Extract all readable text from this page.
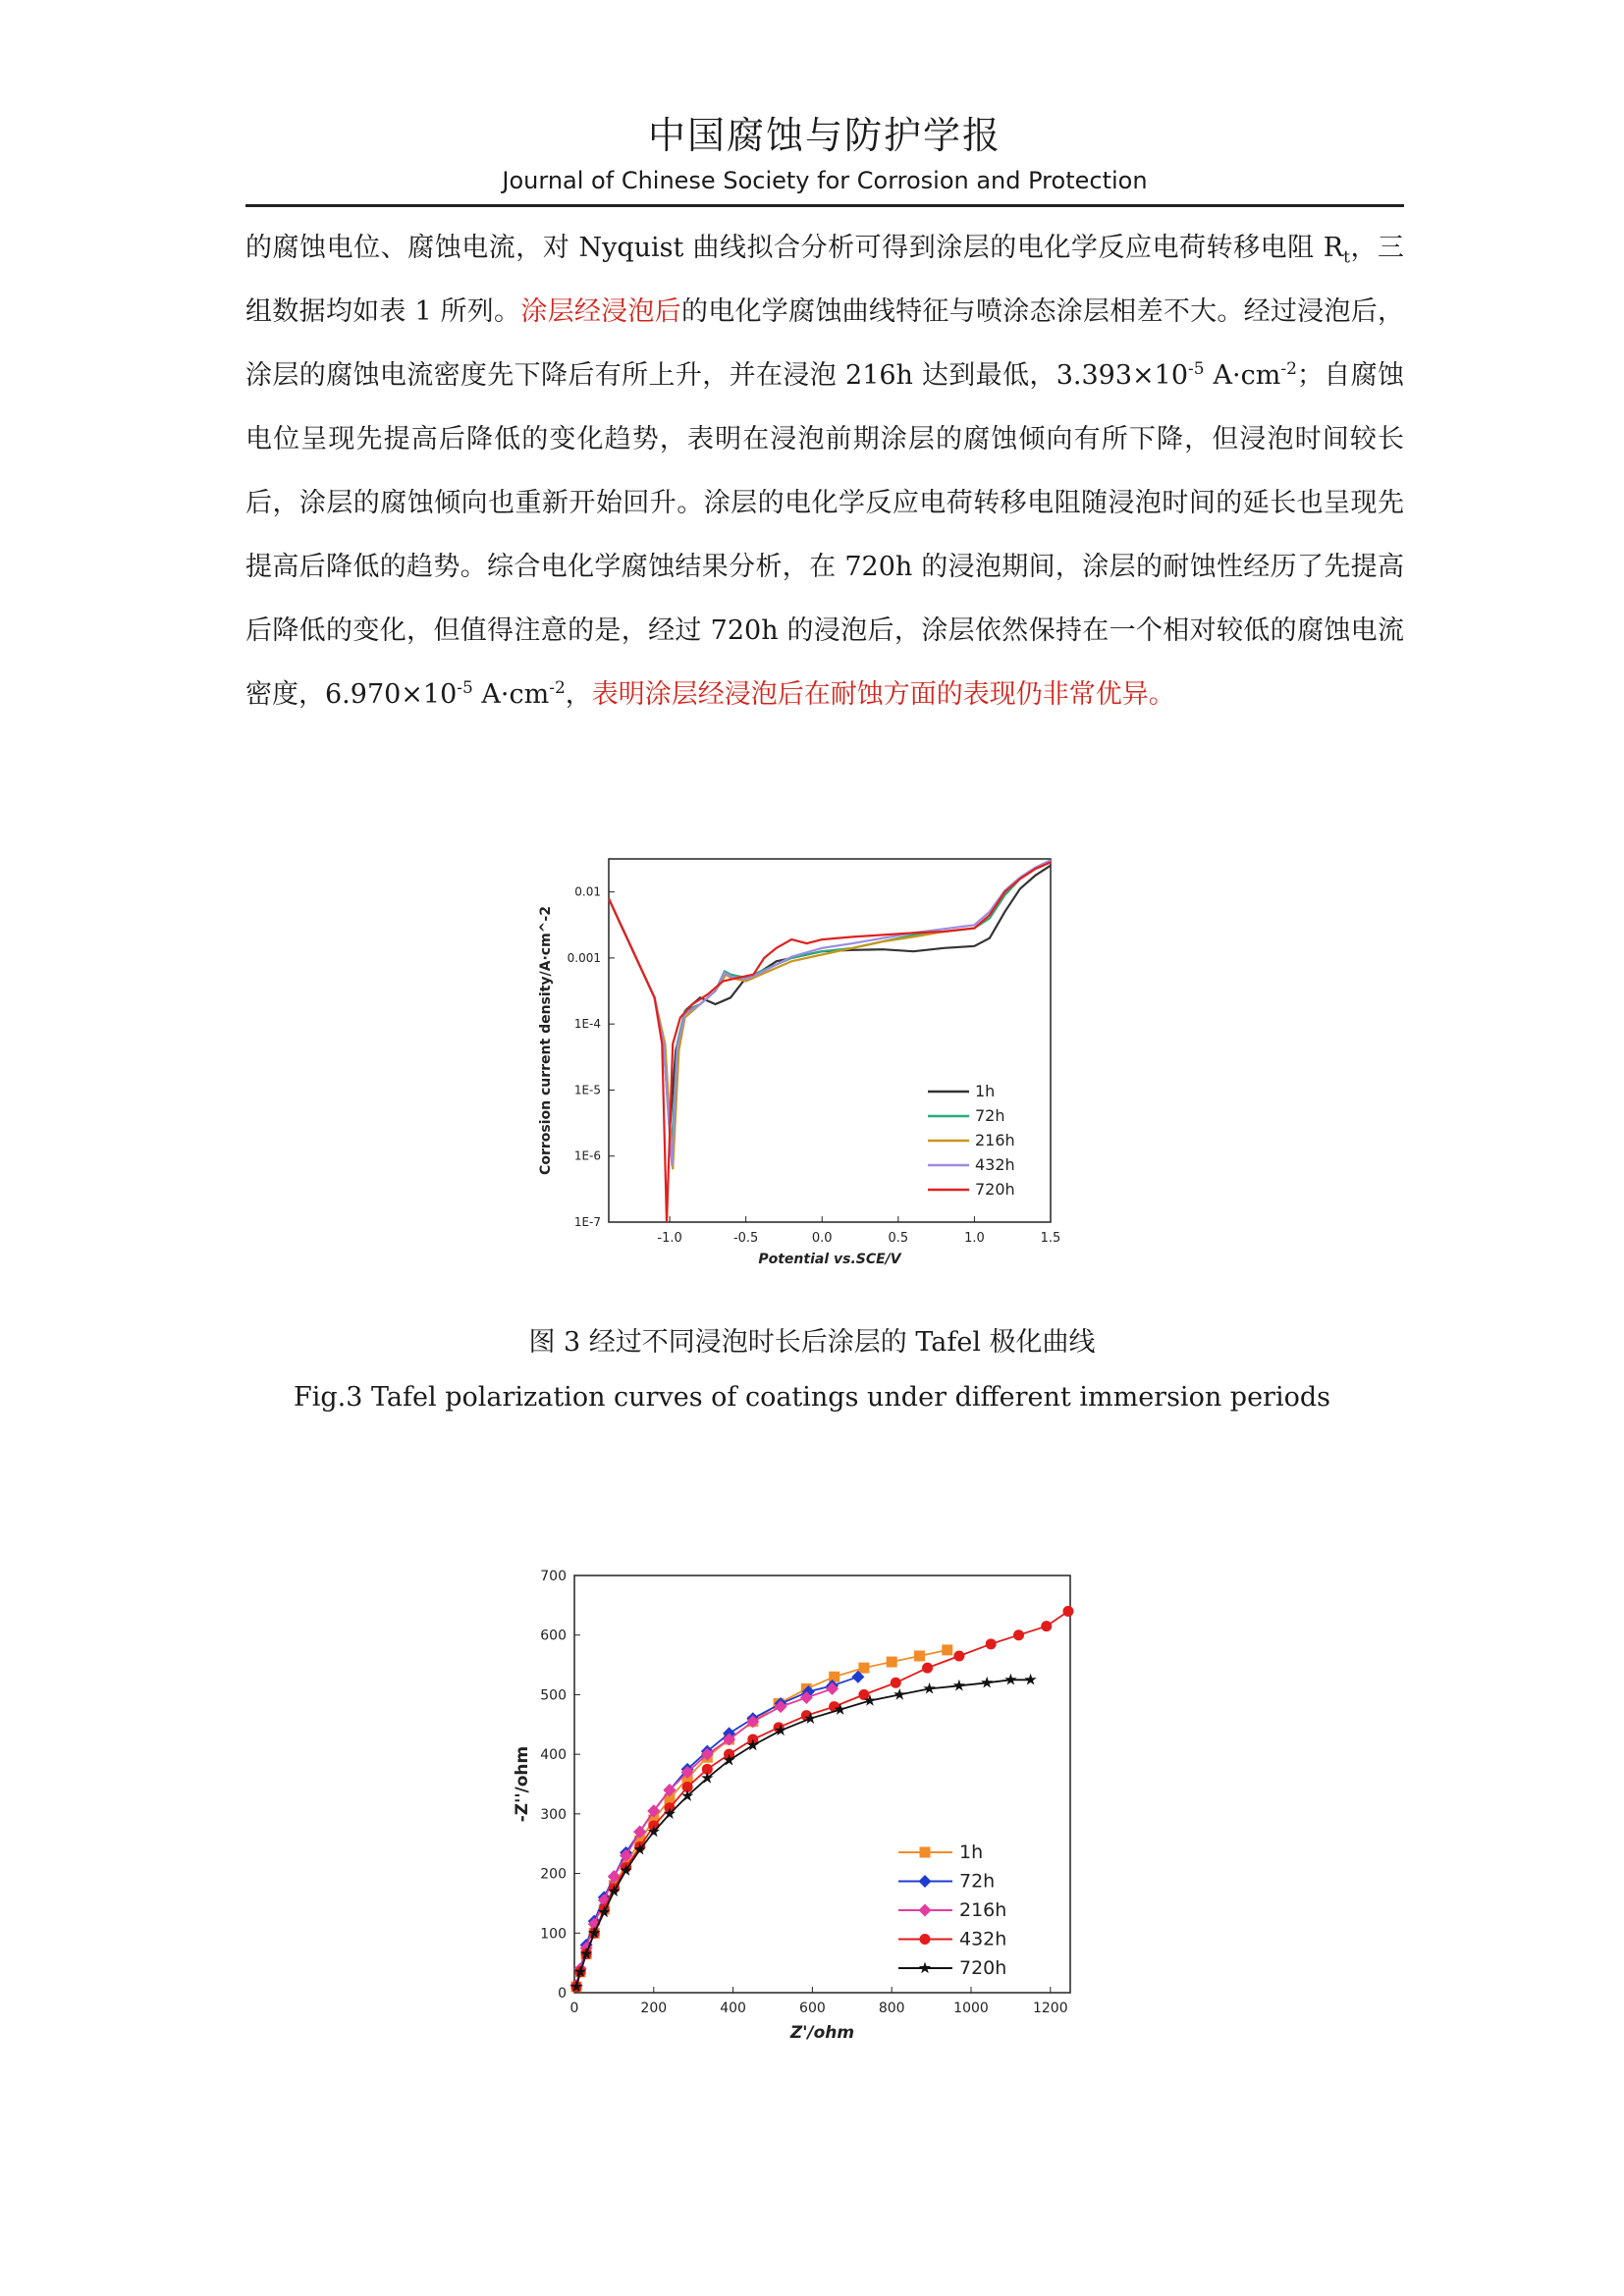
中国腐蚀与防护学报
Journal of Chinese Society for Corrosion and Protection
的腐蚀电位、腐蚀电流，对 Nyquist 曲线拟合分析可得到涂层的电化学反应电荷转移电阻 $R_t$，三组数据均如表 1 所列。涂层经浸泡后的电化学腐蚀曲线特征与喷涂态涂层相差不大。经过浸泡后，涂层的腐蚀电流密度先下降后有所上升，并在浸泡 216h 达到最低，$3.393\times 10^{-5}$ $A\cdot cm^{-2}$；自腐蚀电位呈现先提高后降低的变化趋势，表明在浸泡前期涂层的腐蚀倾向有所下降，但浸泡时间较长后，涂层的腐蚀倾向也重新开始回升。涂层的电化学反应电荷转移电阻随浸泡时间的延长也呈现先提高后降低的趋势。综合电化学腐蚀结果分析，在 720h 的浸泡期间，涂层的耐蚀性经历了先提高后降低的变化，但值得注意的是，经过 720h 的浸泡后，涂层依然保持在一个相对较低的腐蚀电流密度，$6.970\times 10^{-5}$ $A\cdot cm^{-2}$，表明涂层经浸泡后在耐蚀方面的表现仍非常优异。
-1.0	-0.5	0.0	0.5	1.0	1.5
1E-7
1E-6
1E-5
1E-4
0.001
0.01
Potential vs.SCE/V
Corrosion current density/A·cm^-2	1h
72h
216h
432h
720h
图 3 经过不同浸泡时长后涂层的 Tafel 极化曲线
Fig.3 Tafel polarization curves of coatings under different immersion periods
0	200	400	600	800	1000	1200
0
100
200
300
400
500
600
700
Z'/ohm
-Z''/ohm
1h
72h
216h
432h
720h
